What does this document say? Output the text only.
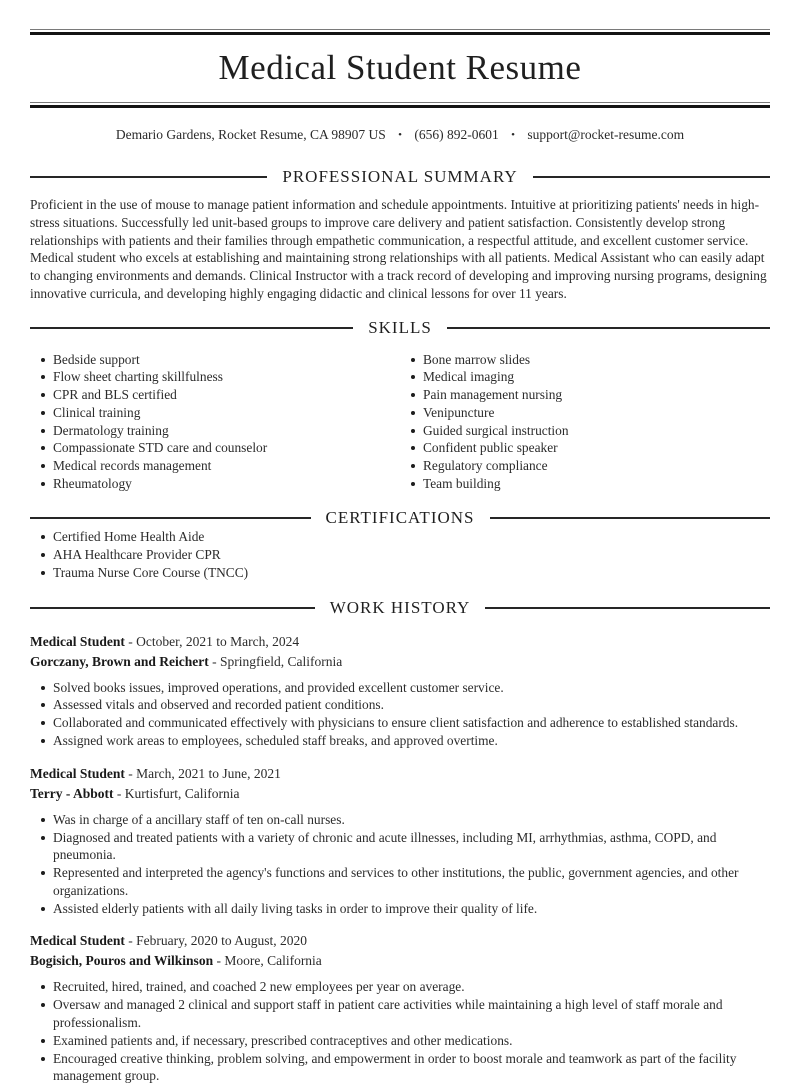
Medical Student Resume
Demario Gardens, Rocket Resume, CA 98907 US • (656) 892-0601 • support@rocket-resume.com
PROFESSIONAL SUMMARY

Proficient in the use of mouse to manage patient information and schedule appointments. Intuitive at prioritizing patients' needs in high-stress situations. Successfully led unit-based groups to improve care delivery and patient satisfaction. Consistently develop strong relationships with patients and their families through empathetic communication, a respectful attitude, and excellent customer service. Medical student who excels at establishing and maintaining strong relationships with all patients. Medical Assistant who can easily adapt to changing environments and demands. Clinical Instructor with a track record of developing and improving nursing programs, designing innovative curricula, and developing highly engaging didactic and clinical lessons for over 11 years.

SKILLS
Bedside support
Flow sheet charting skillfulness
CPR and BLS certified
Clinical training
Dermatology training
Compassionate STD care and counselor
Medical records management
Rheumatology
Bone marrow slides
Medical imaging
Pain management nursing
Venipuncture
Guided surgical instruction
Confident public speaker
Regulatory compliance
Team building
CERTIFICATIONS
Certified Home Health Aide
AHA Healthcare Provider CPR
Trauma Nurse Core Course (TNCC)
WORK HISTORY

Medical Student - October, 2021 to March, 2024

Gorczany, Brown and Reichert - Springfield, California

Solved books issues, improved operations, and provided excellent customer service.
Assessed vitals and observed and recorded patient conditions.
Collaborated and communicated effectively with physicians to ensure client satisfaction and adherence to established standards.
Assigned work areas to employees, scheduled staff breaks, and approved overtime.

Medical Student - March, 2021 to June, 2021

Terry - Abbott - Kurtisfurt, California

Was in charge of a ancillary staff of ten on-call nurses.
Diagnosed and treated patients with a variety of chronic and acute illnesses, including MI, arrhythmias, asthma, COPD, and pneumonia.
Represented and interpreted the agency's functions and services to other institutions, the public, government agencies, and other organizations.
Assisted elderly patients with all daily living tasks in order to improve their quality of life.

Medical Student - February, 2020 to August, 2020

Bogisich, Pouros and Wilkinson - Moore, California

Recruited, hired, trained, and coached 2 new employees per year on average.
Oversaw and managed 2 clinical and support staff in patient care activities while maintaining a high level of staff morale and professionalism.
Examined patients and, if necessary, prescribed contraceptives and other medications.
Encouraged creative thinking, problem solving, and empowerment in order to boost morale and teamwork as part of the facility management group.
